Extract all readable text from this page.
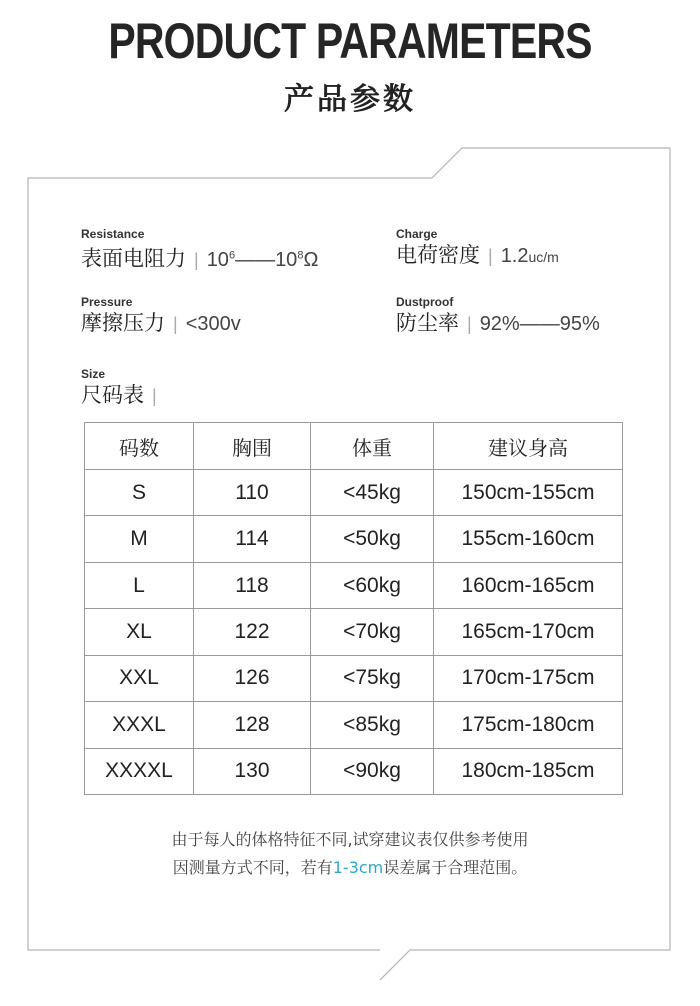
PRODUCT PARAMETERS
产品参数
Resistance
表面电阻力 | $10^6——10^8\Omega$
Charge
电荷密度 | 1.2uc/m
Pressure
摩擦压力 | <300v
Dustproof
防尘率 | 92%——95%
Size
尺码表 |
码数	胸围	体重	建议身高
S	110	<45kg	150cm-155cm
M	114	<50kg	155cm-160cm
L	118	<60kg	160cm-165cm
XL	122	<70kg	165cm-170cm
XXL	126	<75kg	170cm-175cm
XXXL	128	<85kg	175cm-180cm
XXXXL	130	<90kg	180cm-185cm
由于每人的体格特征不同,试穿建议表仅供参考使用
因测量方式不同，若有1-3cm误差属于合理范围。
